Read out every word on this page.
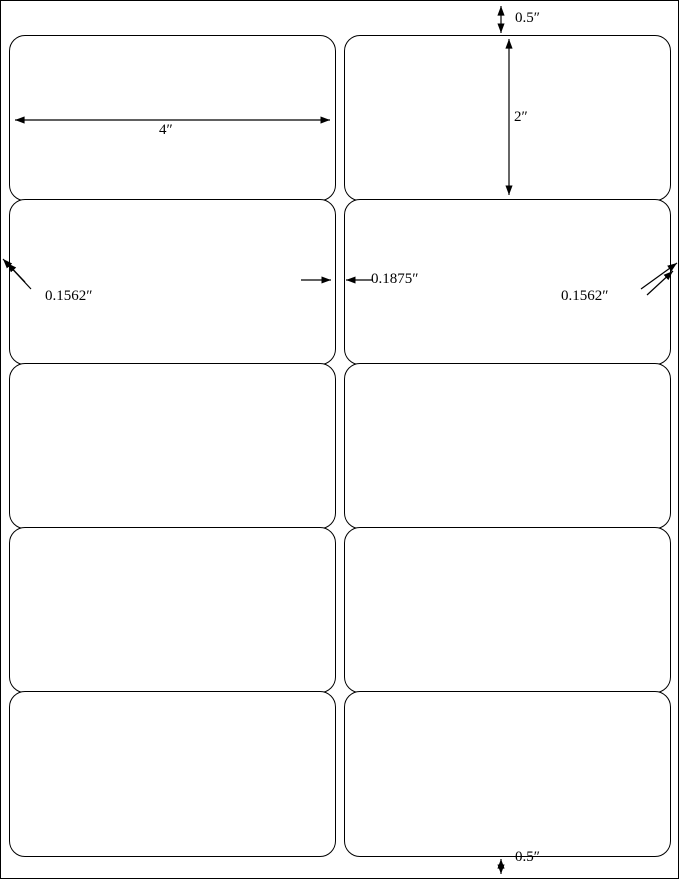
0.5″
0.5″
4″
2″
0.1562″
0.1875″
0.1562″
